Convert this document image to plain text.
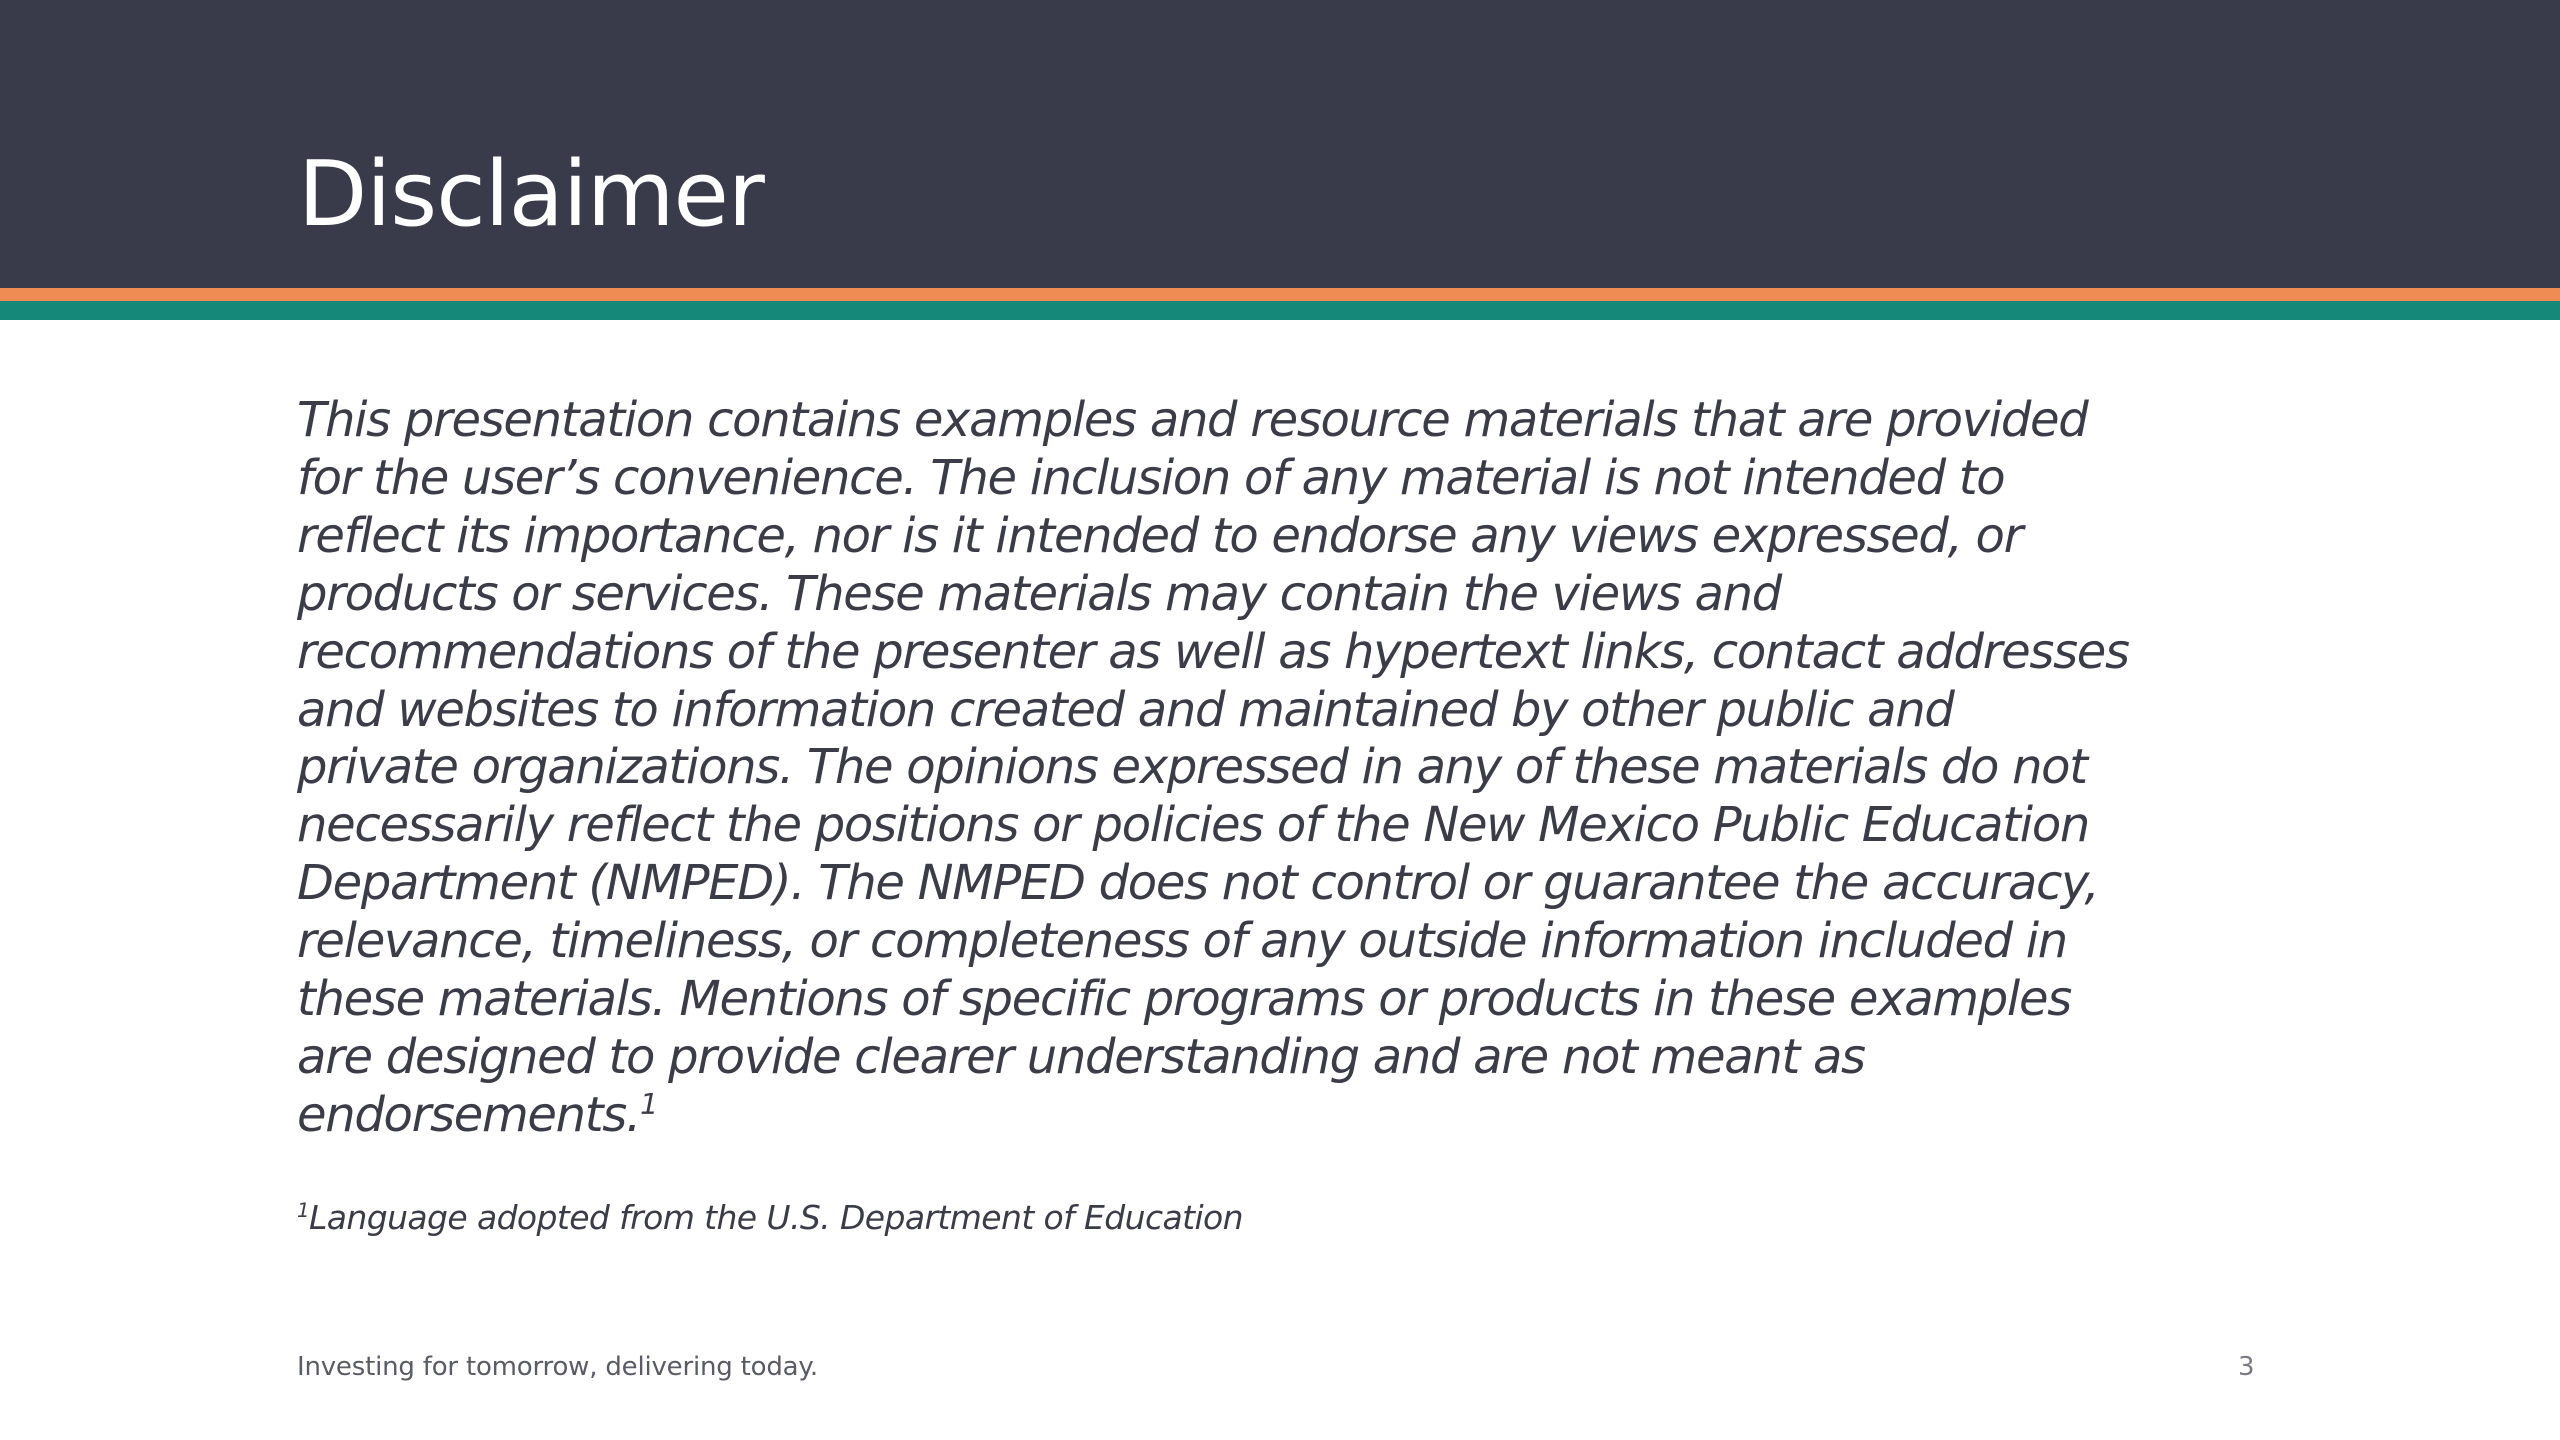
Disclaimer

This presentation contains examples and resource materials that are provided
for the user’s convenience. The inclusion of any material is not intended to
reflect its importance, nor is it intended to endorse any views expressed, or
products or services. These materials may contain the views and
recommendations of the presenter as well as hypertext links, contact addresses
and websites to information created and maintained by other public and
private organizations. The opinions expressed in any of these materials do not
necessarily reflect the positions or policies of the New Mexico Public Education
Department (NMPED). The NMPED does not control or guarantee the accuracy,
relevance, timeliness, or completeness of any outside information included in
these materials. Mentions of specific programs or products in these examples
are designed to provide clearer understanding and are not meant as
endorsements.$^1$

$^1$Language adopted from the U.S. Department of Education

Investing for tomorrow, delivering today.	3
